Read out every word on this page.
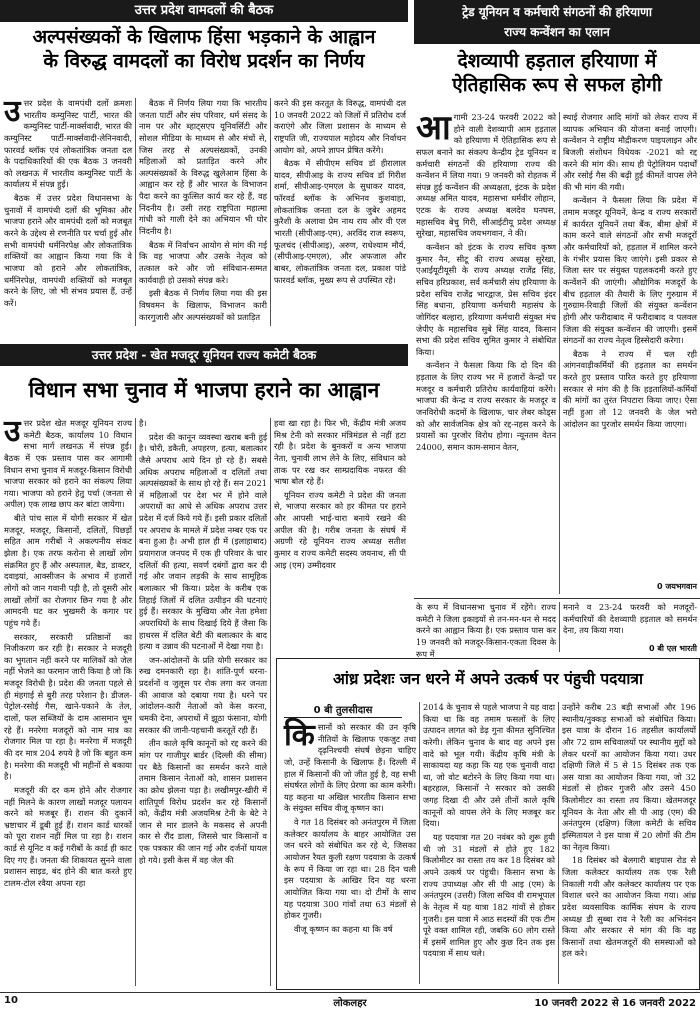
उत्तर प्रदेश वामदलों की बैठक
अल्पसंख्यकों के खिलाफ हिंसा भड़काने के आह्वान
के विरुद्ध वामदलों का विरोध प्रदर्शन का निर्णय
उ त्तर प्रदेश के वामपंथी दलों क्रमशः भारतीय कम्युनिस्ट पार्टी, भारत की कम्युनिस्ट पार्टी-मार्क्सवादी, भारत की कम्युनिस्ट पार्टी-मार्क्सवादी-लेनिनवादी, फारवर्ड ब्लॉक एवं लोकतांत्रिक जनता दल के पदाधिकारियों की एक बैठक 3 जनवरी को लखनऊ में भारतीय कम्युनिस्ट पार्टी के कार्यालय में संपन्न हुई।

बैठक में उत्तर प्रदेश विधानसभा के चुनावों में वामपंथी दलों की भूमिका और भाजपा हराने और वामपंथी दलों को मजबूत करने के उद्देश्य से रणनीति पर चर्चा हुई और सभी वामपंथी धर्मनिरपेक्ष और लोकतांत्रिक शक्तियों का आह्वान किया गया कि वे भाजपा को हराने और लोकतांत्रिक, धर्मनिरपेक्ष, वामपंथी शक्तियों को मजबूत करने के लिए, जो भी संभव प्रयास हैं, उन्हें करें।

बैठक में निर्णय लिया गया कि भारतीय जनता पार्टी और संघ परिवार, धर्म संसद के नाम पर और ब्हाट्सएप यूनिवर्सिटी और सोशल मीडिया के माध्यम से और मंचों से, जिस तरह से अल्पसंख्यकों, उनकी महिलाओं को प्रताड़ित करने और अल्पसंख्यकों के विरुद्ध खुलेआम हिंसा के आह्वान कर रहे हैं और भारत के विभाजन पैदा करने का कुत्सित कार्य कर रहे हैं, वह निंदनीय है। उसी तरह राष्ट्रपिता महात्मा गांधी को गाली देने का अभियान भी घोर निंदनीय है।

बैठक में निर्वाचन आयोग से मांग की गई कि वह भाजपा और उसके नेतृत्व को तत्काल करे और जो संविधान-सम्मत कार्यवाही हो उसको संपन्न करे।

इसी बैठक में निर्णय लिया गया की इस विषवमन के खिलाफ, विभाजन कारी कारगुजारी और अल्पसंख्यकों को प्रताड़ित

करने की इस करतूत के विरुद्ध, वामपंथी दल 10 जनवरी 2022 को जिलों में प्रतिरोध दर्ज कराएंगे और जिला प्रशासन के माध्यम से राष्ट्रपति जी, राज्यपाल महोदय और निर्वाचन आयोग को, अपने ज्ञापन प्रेषित करेंगे।

बैठक में सीपीएम सचिव डॉ हीरालाल यादव, सीपीआइ के राज्य सचिव डॉ गिरीश शर्मा, सीपीआइ-एमएल के सुधाकर यादव, फॉरवर्ड ब्लॉक के अभिनव कुशवाहा, लोकतांत्रिक जनता दल के जुबेर अहमद कुरैशी के अलावा प्रेम नाथ राय और वी एल भारती (सीपीआइ-एम), अरविंद राज स्वरूप, फूलचंद (सीपीआइ), अरुण, राधेश्याम मौर्य, (सीपीआइ-एमएल), और अफजाल और बाबर, लोकतांत्रिक जनता दल, प्रकाश पांडे फारवर्ड ब्लॉक, मुख्य रूप से उपस्थित रहे।

उत्तर प्रदेश - खेत मजदूर यूनियन राज्य कमेटी बैठक
विधान सभा चुनाव में भाजपा हराने का आह्वान
उ त्तर प्रदेश खेत मजदूर यूनियन राज्य कमेटी बैठक, कार्यालय 10 विधान सभा मार्ग लखनऊ में संपन्न हुई। बैठक में एक प्रस्ताव पास कर आगामी विधान सभा चुनाव में मजदूर-किसान विरोधी भाजपा सरकार को हराने का संकल्प लिया गया। भाजपा को हराने हेतु पर्चा (जनता से अपील) एक लाख छाप कर बांटा जायेगा।

बीते पांच साल में योगी सरकार में खेत मजदूर, मजदूर, किसानों, दलितों, पिछड़ों सहित आम गरीबों ने अकल्पनीय संकट झेला है। एक तरफ करोना से लाखों लोग संक्रमित हुए हैं और अस्पताल, बैड, डाक्टर, दवाइयां, आक्सीजन के अभाव में हजारों लोगों को जान गवानी पड़ी है, तो दूसरी ओर लाखों लोगों का रोजगार छिन गया है और आमदनी घट कर भुखमरी के कगार पर पहुंच गये हैं।

सरकार, सरकारी प्रतिष्ठानों का निजीकरण कर रही है। सरकार ने मजदूरी का भुगतान नहीं करने पर मालिकों को जेल नहीं भेजने का फरमान जारी किया है जो कि मजदूर विरोधी है। प्रदेश की जनता पहले से ही मंहगाई से बुरी तरह परेशान है। डीजल-पेट्रोल-रसोई गैस, खाने-पकाने के तेल, दालों, फल सब्जियों के दाम आसमान चूम रहे हैं। मनरेगा मजदूरों को नाम मात्र का रोजगार मिल पा रहा है। मनरेगा में मजदूरी की दर मात्र 204 रुपये है जो कि बहुत कम है। मनरेगा की मजदूरी भी महीनों से बकाया है।

मजदूरी की दर कम होने और रोजगार नहीं मिलने के कारण लाखों मजदूर पलायन करने को मजबूर हैं। राशन की दुकानें भ्रष्टाचार में डूबी हुई हैं। राशन कार्ड धारकों को पूरा राशन नहीं मिल पा रहा है। राशन कार्ड से यूनिट व कई गरीबों के कार्ड ही काट दिए गए हैं। जनता की शिकायत सुनने वाला प्रशासन साइड, बंद होने की बात करते हुए टालम-टोल रवैया अपना रहा

है।

प्रदेश की कानून व्यवस्था खराब बनी हुई है। चोरी, डकैती, अपहरण, हत्या, बलात्कार जैसे अपराध आये दिन हो रहे हैं। सबसे अधिक अपराध महिलाओं व दलितों तथा अल्पसंख्यकों के साथ हो रहे हैं। सन 2021 में महिलाओं पर देश भर में होने वाले अपराधों का आधे से अधिक अपराध उत्तर प्रदेश में दर्ज किये गये हैं। इसी प्रकार दलितों पर अपराध के मामले में प्रदेश नम्बर एक पर बना हुआ है। अभी हाल ही में (इलाहाबाद) प्रयागराज जनपद में एक ही परिवार के चार दलितों की हत्या, सवर्ण दबंगों द्वारा कर दी गई और जवान लड़की के साथ सामूहिक बलात्कार भी किया। प्रदेश के करीब एक तिहाई जिलों में दलित उत्पीड़न की घटनाएं हुई हैं। सरकार के मुखिया और नेता हमेशा अपराधियों के साथ दिखाई दिये हैं जैसा कि हाथरस में दलित बेटी की बलात्कार के बाद हत्या व उन्नाव की घटनाओं में देखा गया है।

जन-आंदोलनों के प्रति योगी सरकार का रुख दमनकारी रहा है। शांति-पूर्ण धरना-प्रदर्शनों व जुलूस पर रोक लगा कर जनता की आवाज को दबाया गया है। धरने पर आंदोलन-कारी नेताओं को केस करना, धमकी देना, अपराधों में झूठा फंसाना, योगी सरकार की जानी-पहचानी करतूतें रही हैं।

तीन काले कृषि कानूनों को रद्द करने की मांग पर गाजीपुर बार्डर (दिल्ली की सीमा) पर बैठे किसानों का समर्थन करने वाले तमाम किसान नेताओं को, शासन प्रशासन का क्रोध झेलना पड़ा है। लखीमपुर-खीरी में शांतिपूर्ण विरोध प्रदर्शन कर रहे किसानों को, केंद्रीय मंत्री अजयमिश्र टेनी के बेटे ने जान से मार डालने के मकसद से अपनी कार से रौंद डाला, जिससे चार किसानों व एक पत्रकार की जान गई और दर्जनों घायल हो गये। इसी केस में वह जेल की

हवा खा रहा है। फिर भी, केंद्रीय मंत्री अजय मिश्र टेनी को सरकार मंत्रिमंडल से नहीं हटा रही है। प्रदेश के बुनकरों व अन्य भाजपा नेता, चुनावी लाभ लेने के लिए, संविधान को ताक पर रख कर साम्प्रदायिक नफरत की भाषा बोल रहे हैं।

यूनियन राज्य कमेटी ने प्रदेश की जनता से, भाजपा सरकार को हर कीमत पर हराने और आपसी भाई-चारा बनाये रखने की अपील की है। गरीब जनता के संघर्ष में अग्रणी रहे यूनियन राज्य अध्यक्ष सतीश कुमार व राज्य कमेटी सदस्य जयनाथ, सी पी आइ (एम) उम्मीदवार

ट्रेड यूनियन व कर्मचारी संगठनों की हरियाणा
राज्य कन्वेंशन का एलान
देशव्यापी हड़ताल हरियाणा में
ऐतिहासिक रूप से सफल होगी
आ गामी 23-24 फरवरी 2022 को होने वाली देशव्यापी आम हड़ताल को हरियाणा में ऐतिहासिक रूप से सफल बनाने का संकल्प केन्द्रीय ट्रेड यूनियन व कर्मचारी संगठनों की हरियाणा राज्य की कन्वेंशन में लिया गया। 9 जनवरी को रोहतक में संपन्न हुई कन्वेंशन की अध्यक्षता, इंटक के प्रदेश अध्यक्ष अमित यादव, महासभा धर्मवीर लोहान, एटक के राज्य अध्यक्ष बलदेव घनघस, महासचिव बेचु गिरी, सीआईटीयू प्रदेश अध्यक्ष सुरेखा, महासचिव जयभगवान, ने की।

कन्वेंशन को इंटक के राज्य सचिव कृष्ण कुमार नैन, सीटू की राज्य अध्यक्ष सुरेखा, एआईयूटीयूसी के राज्य अध्यक्ष राजेंद्र सिंह, सचिव हरिप्रकाश, सर्व कर्मचारी संघ हरियाणा के प्रदेश सचिव राजेंद्र भारद्वाज, प्रेस सचिव इंदर सिंह बधाना, हरियाणा कर्मचारी महासंघ के जोगिंदर बल्हारा, हरियाणा कर्मचारी संयुक्त मंच जेपीए के महासचिव सुबे सिंह यादव, किसान सभा की प्रदेश सचिव सुमित कुमार ने संबोधित किया।

कन्वेंशन ने फैसला किया कि दो दिन की हड़ताल के लिए राज्य भर में हजारों केन्द्रों पर मजदूर व कर्मचारी प्रतिरोध कार्यवाहियां करेंगे। भाजपा की केन्द्र व राज्य सरकार के मजदूर व जनविरोधी कदमों के खिलाफ, चार लेबर कोड्स को और सार्वजनिक क्षेत्र को रद्द-नहस करने के प्रयासों का पुरजोर विरोध होगा। न्यूनतम वेतन 24000, समान काम-समान वेतन,

स्थाई रोजगार आदि मांगों को लेकर राज्य में व्यापक अभियान की योजना बनाई जाएगी। कन्वेंशन ने राष्ट्रीय मौद्रीकरण पाइपलाइन और बिजली संशोधन विधेयक -2021 को रद्द करने की मांग की। साथ ही पेट्रोलियम पदार्थों और रसोई गैस की बढ़ी हुई कीमतें वापस लेने की भी मांग की गयी।

कन्वेंशन ने फैसला लिया कि प्रदेश में तमाम मजदूर यूनियनें, केन्द्र व राज्य सरकारों में कार्यरत यूनियनें तथा बैंक, बीमा क्षेत्रों में काम करने वाले संगठनों और सभी मजदूरों और कर्मचारियों को, हड़ताल में शामिल करने के गंभीर प्रयास किए जाएंगे। इसी प्रकार से जिला स्तर पर संयुक्त पहलकदमी करते हुए कन्वेंशनें की जाएंगी। औद्योगिक मजदूरों के बीच हड़ताल की तैयारी के लिए गुरुग्राम में गुरुग्राम-रिवाड़ी जिलों की संयुक्त कन्वेंशन होगी और फरीदाबाद में फरीदाबाद व पलवल जिला की संयुक्त कन्वेंशन की जाएगी। इसमें संगठनों का राज्य नेतृत्व हिस्सेदारी करेगा।

बैठक ने राज्य में चल रही आंगनवाड़ीकर्मियों की हड़ताल का समर्थन करते हुए प्रस्ताव पारित करते हुए हरियाणा सरकार से मांग की है कि हड़तालियों-कर्मियों की मांगों का तुरंत निपटारा किया जाए। ऐसा नहीं हुआ तो 12 जनवरी के जेल भरो आंदोलन का पुरजोर समर्थन किया जाएगा।

0 जयभगवान

के रूप में विधानसभा चुनाव में रहेंगे। राज्य कमेटी ने जिला इकाइयों से तन-मन-धन से मदद करने का आह्वान किया है। एक प्रस्ताव पास कर 19 जनवरी को मजदूर-किसान-एकता दिवस के रूप में

मनाने व 23-24 फरवरी को मजदूरों-कर्मचारियों की देशव्यापी हड़ताल को समर्थन देना, तय किया गया।

0 बी एल भारती
आंध्र प्रदेशः जन धरने में अपने उत्कर्ष पर पंहुची पदयात्रा
0 बी तुलसीदास
कि सानों को सरकार की उन कृषि नीतियों के खिलाफ एकजुट तथा दृढ़निश्चयी संघर्ष छेड़ना चाहिए जो, उन्हें किसानी के खिलाफ हैं। दिल्ली में हाल में किसानों की जो जीत हुई है, वह सभी संघर्षरत लोगों के लिए प्रेरणा का काम करेगी। यह कहना था अखिल भारतीय किसान सभा के संयुक्त सचिव वीजू कृष्णन का।

वे गत 18 दिसंबर को अनंतपुरम में जिला कलेक्टर कार्यालय के बाहर आयोजित उस जन धरने को संबोधित कर रहे थे, जिसका आयोजन रैयत कुली रक्षण पदयात्रा के उत्कर्ष के रूप में किया जा रहा था। 28 दिन चली इस पदयात्रा के आखिर दिन यह धरना आयोजित किया गया था। दो टीमों के साथ यह पदयात्रा 300 गांवों तथा 63 मंडलों से होकर गुजरी।

वीजू कृष्णन का कहना था कि वर्ष

2014 के चुनाव से पहले भाजपा ने यह वादा किया था कि वह तमाम फसलों के लिए उत्पादन लागत को डेढ़ गुना कीमत सुनिश्चित करेगी। लेकिन चुनाव के बाद वह अपने इस वादे को भूल गयी। केंद्रीय कृषि मंत्री के साकायदा यह कहा कि यह एक चुनावी वादा था, जो वोट बटोरने के लिए किया गया था। बहरहाल, किसानों ने सरकार को उसकी जगह दिखा दी और उसे तीनों काले कृषि कानूनों को वापस लेने के लिए मजबूर कर दिया।

यह पदयात्रा गत 20 नवंबर को शुरू हुयी थी जो 31 मंडलों से होते हुए 182 किलोमीटर का रास्ता तय कर 18 दिसंबर को अपने उत्कर्ष पर पंहुची। किसान सभा के राज्य उपाध्यक्ष और सी पी आइ (एम) के अनंतपुरम (उत्तरी) जिला सचिव वी रामभूपाल के नेतृत्व में यह यात्रा 182 गांवों से होकर गुजरी। इस यात्रा में आठ सदस्यों की एक टीम पूरे वक्त शामिल रही, जबकि 60 लोग रास्ते में इसमें शामिल हुए और कुछ दिन तक इस पदयात्रा में साथ चले।

उन्होंने करीब 23 बड़ी सभाओं और 196 स्थानीय/नुक्कड़ सभाओं को संबोधित किया। इस यात्रा के दौरान 16 तहसील कार्यालयों और 72 ग्राम सचिवालयों पर स्थानीय मुद्दों को लेकर धरनों का आयोजन किया गया। उधर दक्षिणी जिले में 5 से 15 दिसंबर तक एक अस यात्रा का आयोजन किया गया, जो 32 मंडलों से होकर गुजरी और उसने 450 किलोमीटर का रास्ता तय किया। खेतमजदूर यूनियन के नेता और सी पी आइ (एम) की अनंतपुरम (दक्षिण) जिला कमेटी के सचिव इस्मितायल ने इस यात्रा में 20 लोगों की टीम का नेतृत्व किया।

18 दिसंबर को बेलगारी बाइपास रोड से जिला कलेक्टर कार्यालय तक एक रैली निकाली गयी और कलेक्टर कार्यालय पर एक विशाल धरने का आयोजन किया गया। आंध्र प्रदेश व्यवसायिक कार्मिक संघम के राज्य अध्यक्ष डी सुब्बा राव ने रैली का अभिनंदन किया और सरकार से मांग की कि वह किसानों तथा खेतमजदूरों की समस्याओं को हल करे।

10	लोकलहर	10 जनवरी 2022 से 16 जनवरी 2022
